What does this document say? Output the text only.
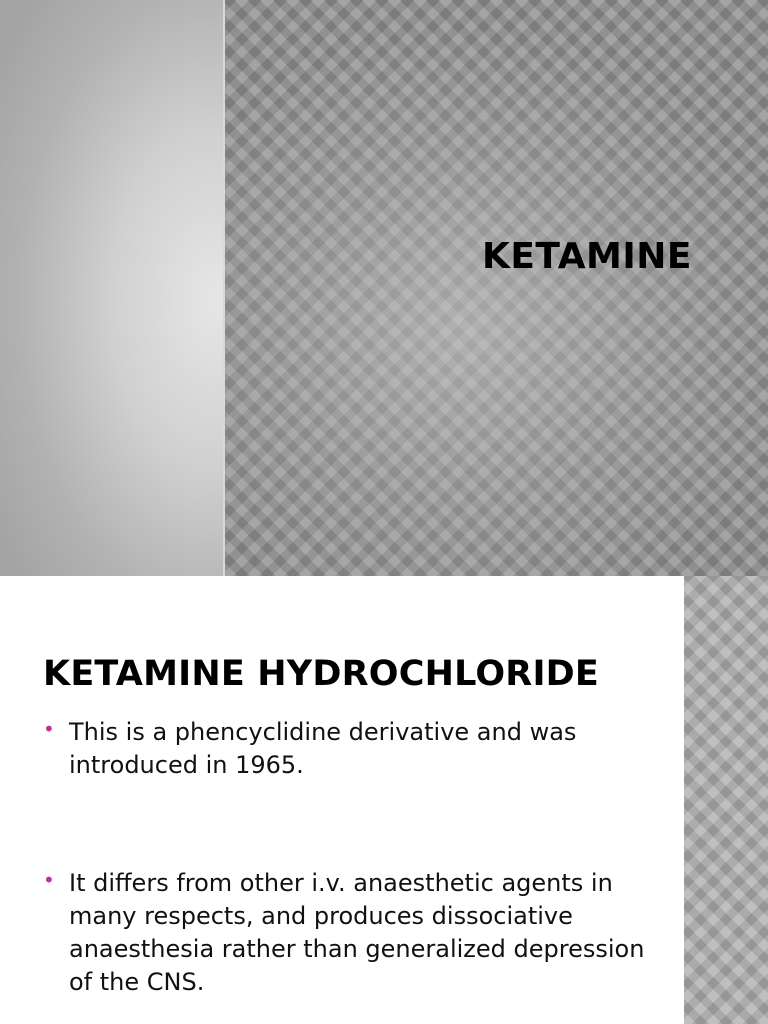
KETAMINE
KETAMINE HYDROCHLORIDE
• This is a phencyclidine derivative and was introduced in 1965.
• It differs from other i.v. anaesthetic agents in many respects, and produces dissociative anaesthesia rather than generalized depression of the CNS.
